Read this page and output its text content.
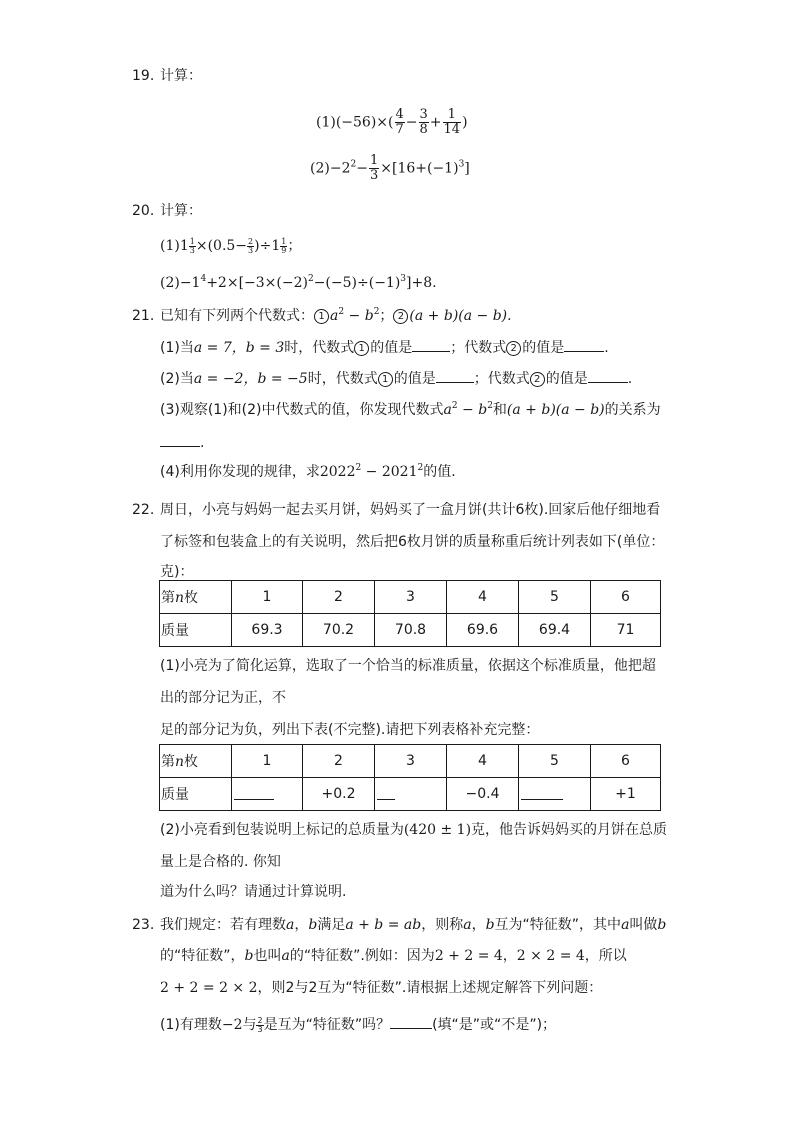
19. 计算：
$(1)(-56)\times( \frac{4}{7} - \frac{3}{8} + \frac{1}{14}$ )
$(2)-2^2- \frac{1}{3} \times[16+(-1)^3]$
20. 计算：
$(1)1 \frac{1}{3} \times(0.5- \frac{2}{3} )\div 1 \frac{1}{9}$ ；
$(2)-1^4+2\times[-3\times(-2)^2-(-5)\div(-1)^3]+8$.
21. 已知有下列两个代数式： 1 $a^2 - b^2$； 2 (a + b)(a − b).
(1)当a = 7，b = 3时，代数式 1 的值是	；代数式 2 的值是	.
(2)当a = −2，b = −5时，代数式 1 的值是	；代数式 2 的值是	.
(3)观察(1)和(2)中代数式的值，你发现代数式$a^2 - b^2$和(a + b)(a − b)的关系为
.
(4)利用你发现的规律，求$2022^2 - 2021^2$的值.
22. 周日，小亮与妈妈一起去买月饼，妈妈买了一盒月饼(共计6枚).回家后他仔细地看
了标签和包装盒上的有关说明，然后把6枚月饼的质量称重后统计列表如下(单位：
克)：
第n枚	1	2	3	4	5	6
质量	69.3	70.2	70.8	69.6	69.4	71
(1)小亮为了简化运算，选取了一个恰当的标准质量，依据这个标准质量，他把超
出的部分记为正，不
足的部分记为负，列出下表(不完整).请把下列表格补充完整：
第n枚	1	2	3	4	5	6
质量		+0.2		−0.4		+1
(2)小亮看到包装说明上标记的总质量为(420 ± 1)克，他告诉妈妈买的月饼在总质
量上是合格的. 你知
道为什么吗？请通过计算说明.
23. 我们规定：若有理数a，b满足a + b = ab，则称a，b互为“特征数”，其中a叫做b
的“特征数”，b也叫a的“特征数”.例如：因为2 + 2 = 4，2 × 2 = 4，所以
2 + 2 = 2 × 2，则2与2互为“特征数”.请根据上述规定解答下列问题：
(1)有理数−2与 $\frac{2}{3}$ 是互为“特征数”吗？	(填“是”或“不是”)；
